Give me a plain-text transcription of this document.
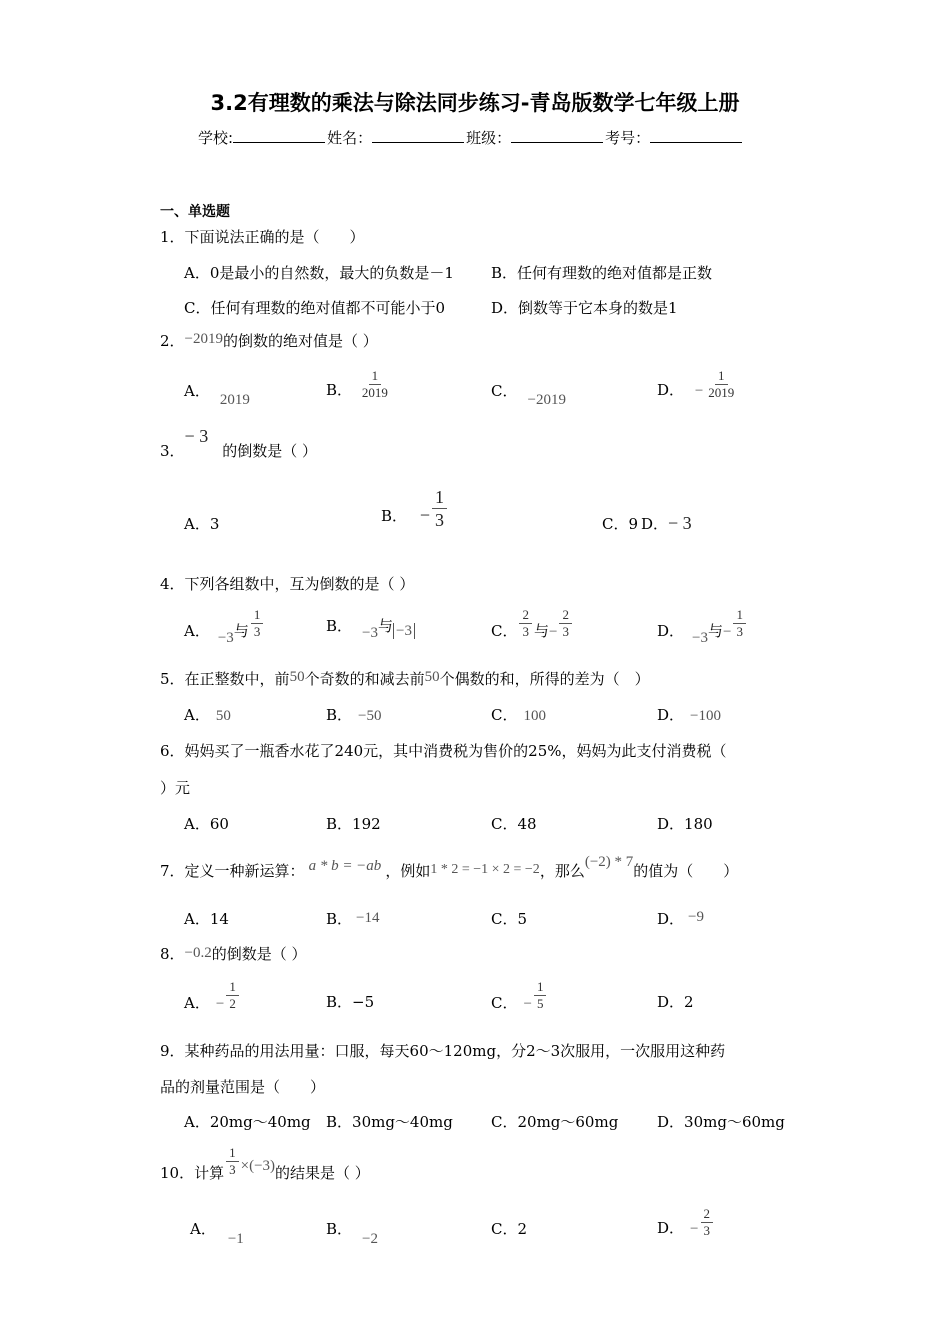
3.2有理数的乘法与除法同步练习-青岛版数学七年级上册
学校:	姓名：	班级：	考号：
一、单选题
1．下面说法正确的是（　　）
A．0是最小的自然数，最大的负数是－1 B．任何有理数的绝对值都是正数
C．任何有理数的绝对值都不可能小于0	D．倒数等于它本身的数是1
2．−2019的倒数的绝对值是（ ）
A． 2019
B． $\frac{1}{2019}$	C． −2019
D． − $\frac{1}{2019}$
3．− 3的倒数是（ ）
A．3	B． − $\frac{1}{3}$	C．9 D．− 3
4．下列各组数中，互为倒数的是（ ）
A． −3与 $\frac{1}{3}$	B． −3与 −3	C． $\frac{2}{3}$ 与− $\frac{2}{3}$	D． −3与− $\frac{1}{3}$
5．在正整数中，前50个奇数的和减去前50个偶数的和，所得的差为（　）
A． 50	B． −50	C． 100	D． −100
6．妈妈买了一瓶香水花了240元，其中消费税为售价的25%，妈妈为此支付消费税（
）元
A．60	B．192	C．48	D．180
7．定义一种新运算： a * b = −ab ，例如1 * 2 = −1 × 2 = −2，那么(−2) * 7的值为（　　）
A．14	B． −14	C．5	D． −9
8．−0.2的倒数是（ ）
A． − $\frac{1}{2}$	B．−5	C． − $\frac{1}{5}$	D．2
9．某种药品的用法用量：口服，每天60～120mg，分2～3次服用，一次服用这种药
品的剂量范围是（　　）
A．20mg～40mg B．30mg～40mg	C．20mg～60mg	D．30mg～60mg
10．计算 $\frac{1}{3} \times(-3)$的结果是（ ）
A．−1
B．−2
C．2	D． − $\frac{2}{3}$
